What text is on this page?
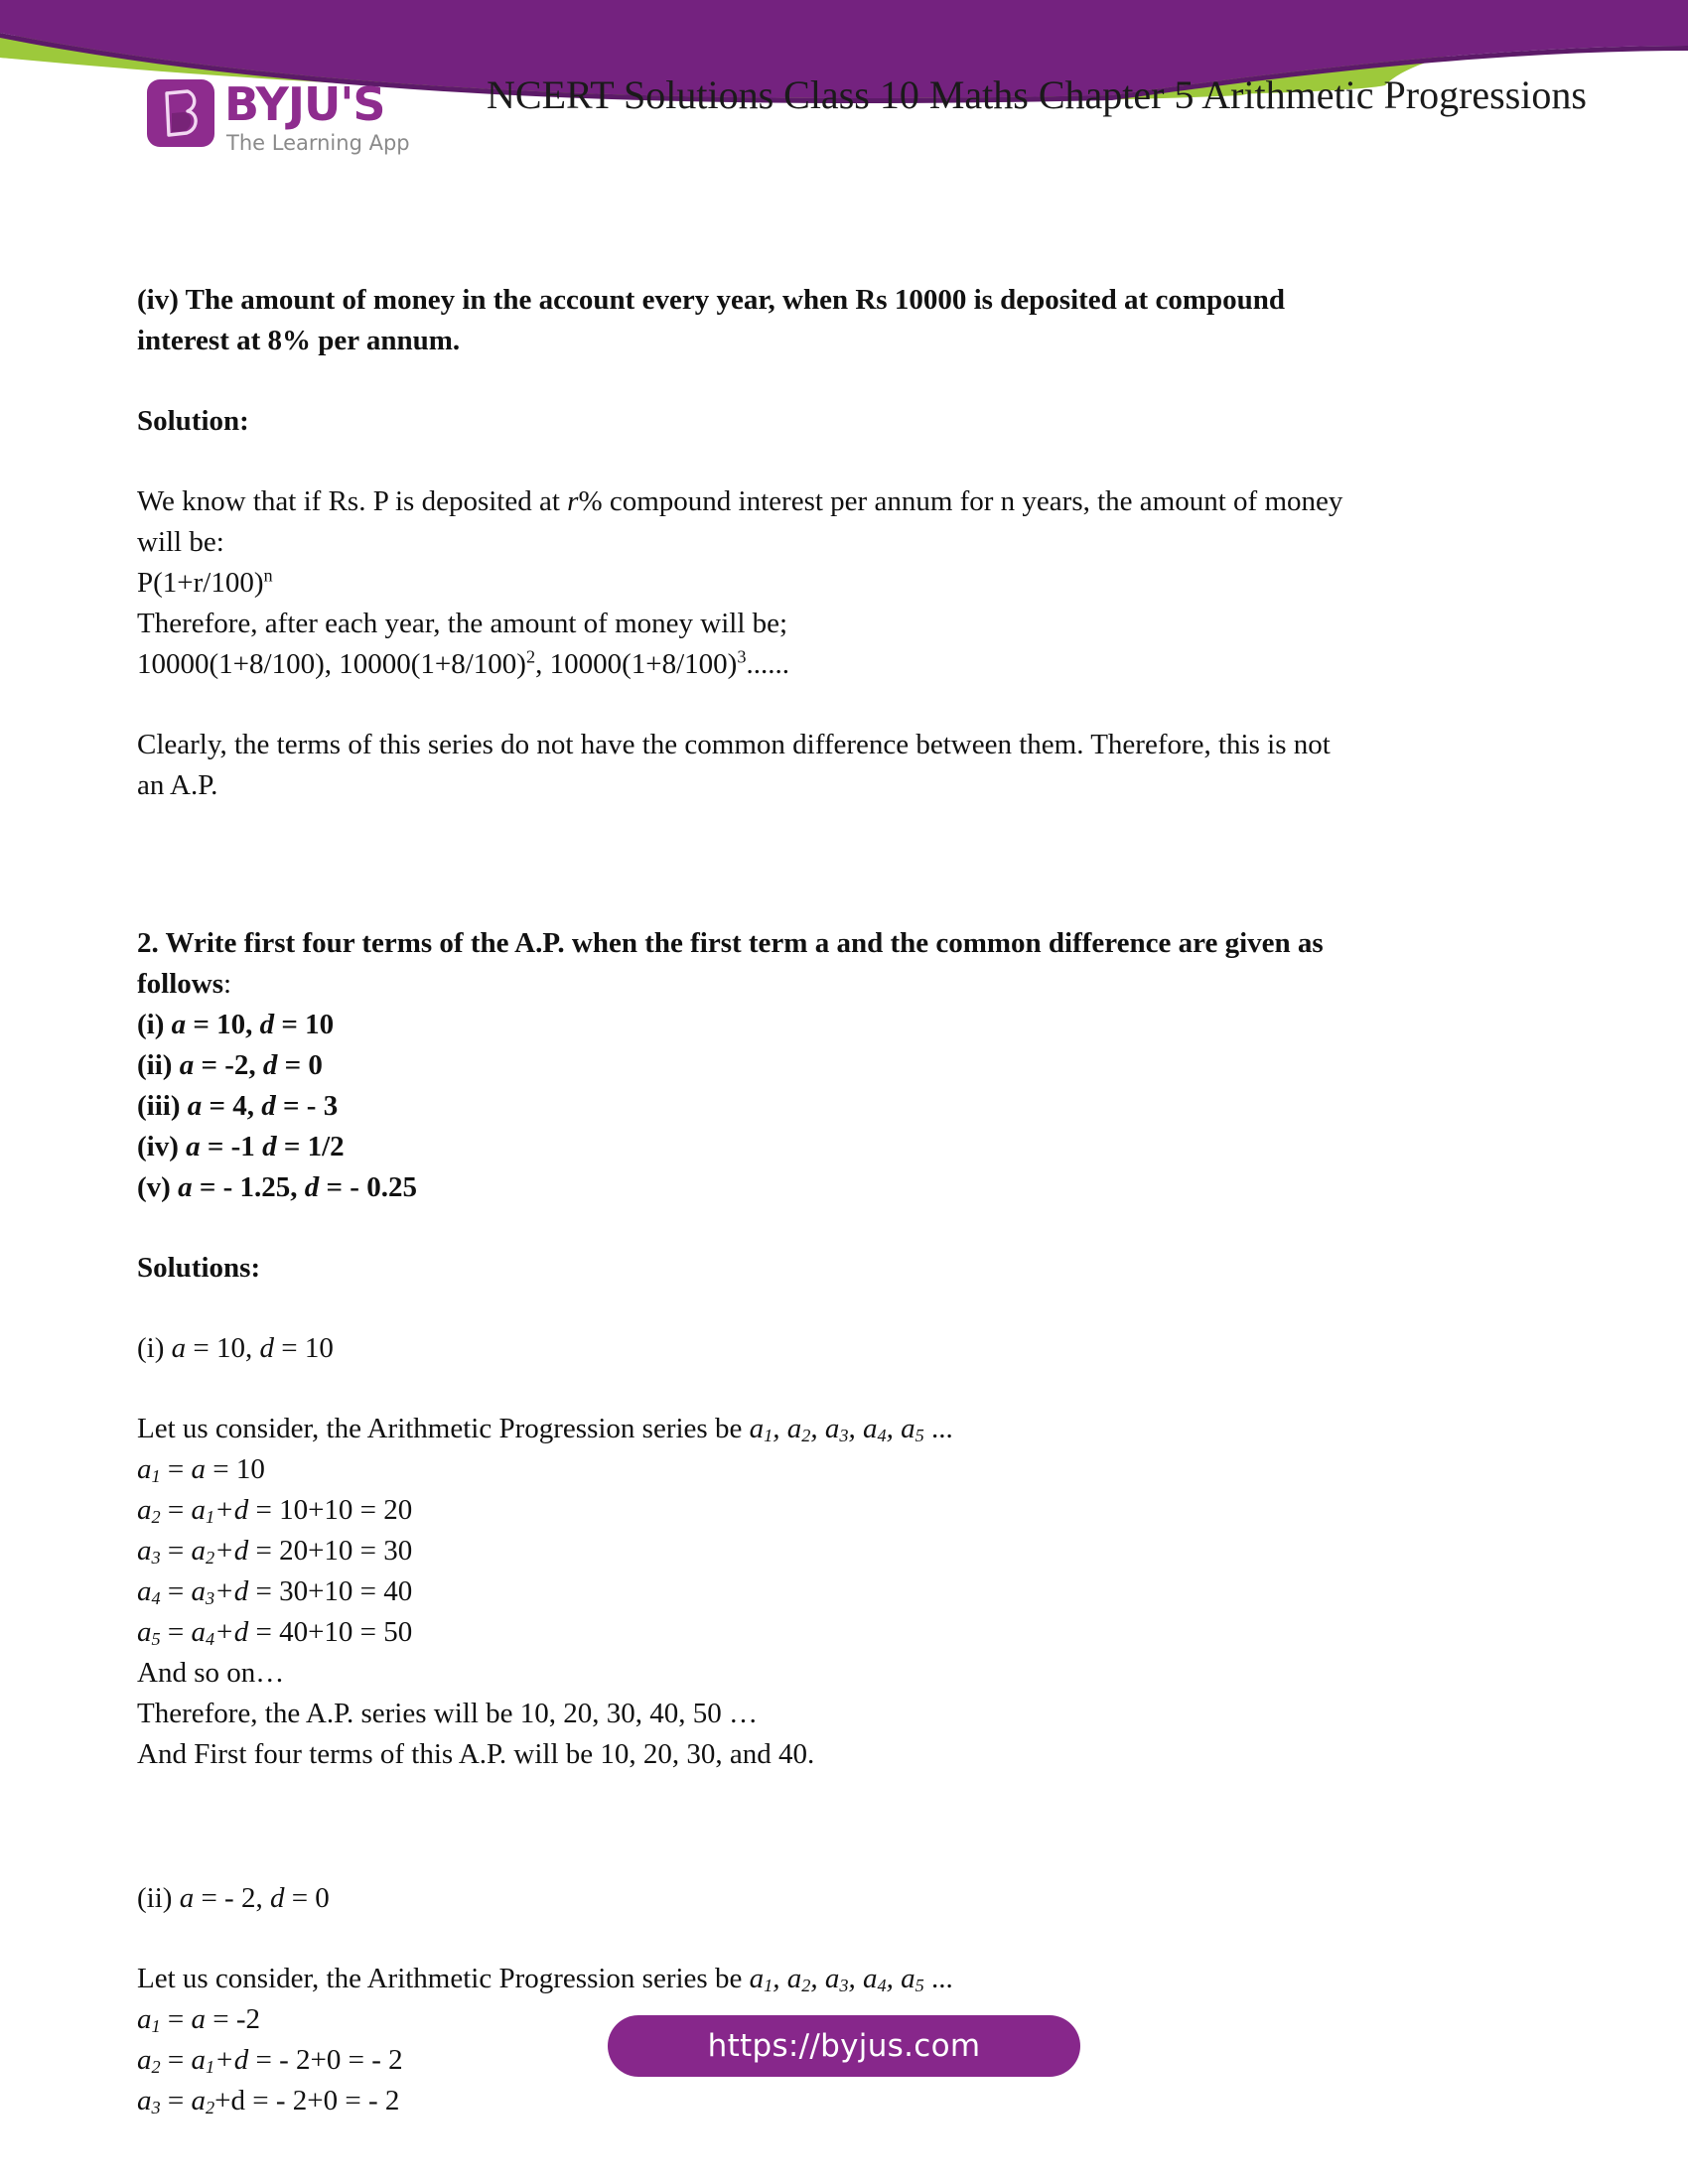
BYJU'S
The Learning App
NCERT Solutions Class 10 Maths Chapter 5 Arithmetic Progressions

(iv) The amount of money in the account every year, when Rs 10000 is deposited at compound

interest at 8% per annum.

Solution:

We know that if Rs. P is deposited at r% compound interest per annum for n years, the amount of money

will be:

$P(1+r/100)^n$

Therefore, after each year, the amount of money will be;

10000(1+8/100), $10000(1+8/100)^2$, $10000(1+8/100)^3$......

Clearly, the terms of this series do not have the common difference between them. Therefore, this is not

an A.P.

2. Write first four terms of the A.P. when the first term a and the common difference are given as

follows:

(i) a = 10, d = 10

(ii) a = -2, d = 0

(iii) a = 4, d = - 3

(iv) a = -1 d = 1/2

(v) a = - 1.25, d = - 0.25

Solutions:

(i) a = 10, d = 10

Let us consider, the Arithmetic Progression series be $a_1$, $a_2$, $a_3$, $a_4$, $a_5$ ...

$a_1 = a = 10$

$a_2 = a_1+d = 10+10 = 20$

$a_3 = a_2+d = 20+10 = 30$

$a_4 = a_3+d = 30+10 = 40$

$a_5 = a_4+d = 40+10 = 50$

And so on…

Therefore, the A.P. series will be 10, 20, 30, 40, 50 …

And First four terms of this A.P. will be 10, 20, 30, and 40.

(ii) a = - 2, d = 0

Let us consider, the Arithmetic Progression series be $a_1$, $a_2$, $a_3$, $a_4$, $a_5$ ...

$a_1 = a = -2$

$a_2 = a_1+d$ = - 2+0 = - 2

$a_3 = a_2+d$ = - 2+0 = - 2

https://byjus.com
